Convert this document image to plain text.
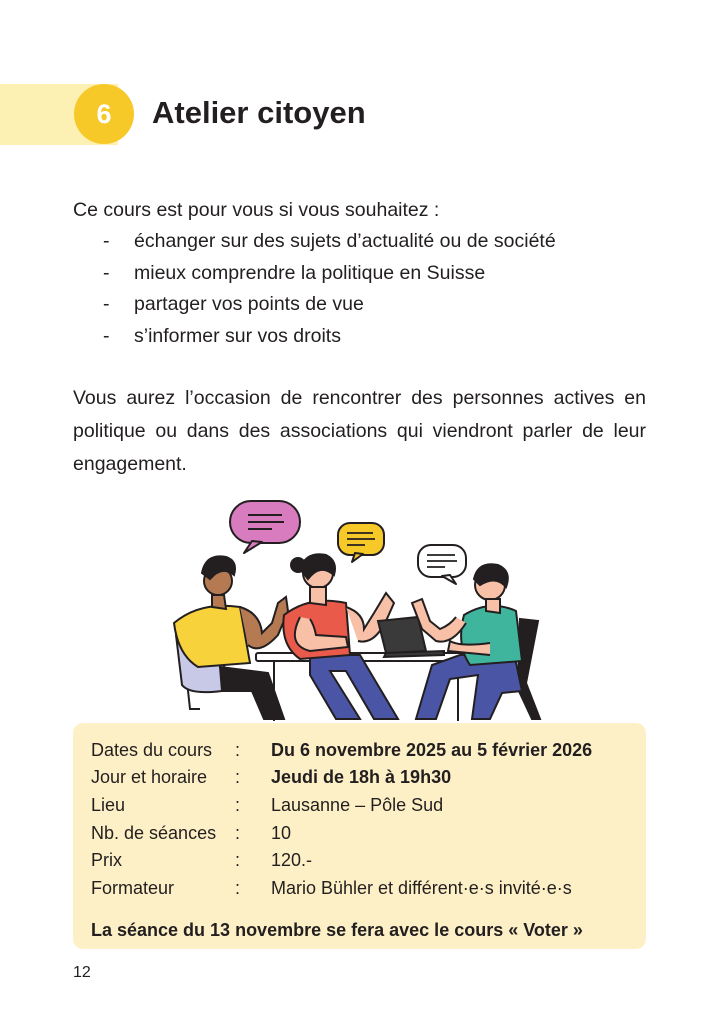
6	Atelier citoyen
Ce cours est pour vous si vous souhaitez :
- échanger sur des sujets d’actualité ou de société
- mieux comprendre la politique en Suisse
- partager vos points de vue
- s’informer sur vos droits

Vous aurez l’occasion de rencontrer des personnes actives en politique ou dans des associations qui viendront parler de leur engagement.

Dates du cours : Du 6 novembre 2025 au 5 février 2026
Jour et horaire : Jeudi de 18h à 19h30
Lieu	: Lausanne – Pôle Sud
Nb. de séances : 10
Prix	: 120.-
Formateur	: Mario Bühler et différent·e·s invité·e·s
La séance du 13 novembre se fera avec le cours « Voter »
12
